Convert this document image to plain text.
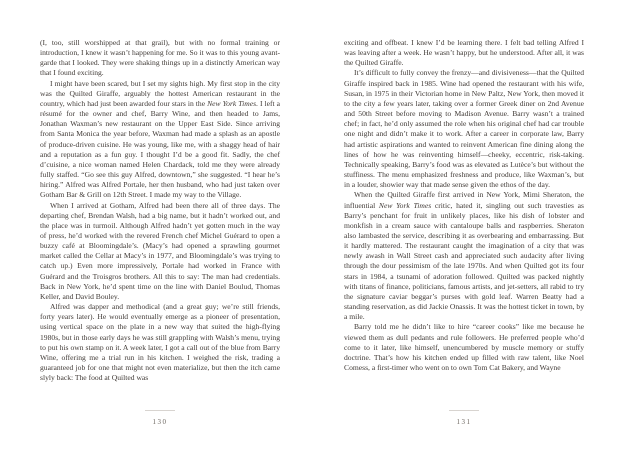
(I, too, still worshipped at that grail), but with no formal training or introduction, I knew it wasn’t happening for me. So it was to this young avant-garde that I looked. They were shaking things up in a distinctly American way that I found exciting.

I might have been scared, but I set my sights high. My first stop in the city was the Quilted Giraffe, arguably the hottest American restaurant in the country, which had just been awarded four stars in the New York Times. I left a résumé for the owner and chef, Barry Wine, and then headed to Jams, Jonathan Waxman’s new restaurant on the Upper East Side. Since arriving from Santa Monica the year before, Waxman had made a splash as an apostle of produce-driven cuisine. He was young, like me, with a shaggy head of hair and a reputation as a fun guy. I thought I’d be a good fit. Sadly, the chef d’cuisine, a nice woman named Helen Chardack, told me they were already fully staffed. “Go see this guy Alfred, downtown,” she suggested. “I hear he’s hiring.” Alfred was Alfred Portale, her then husband, who had just taken over Gotham Bar & Grill on 12th Street. I made my way to the Village.

When I arrived at Gotham, Alfred had been there all of three days. The departing chef, Brendan Walsh, had a big name, but it hadn’t worked out, and the place was in turmoil. Although Alfred hadn’t yet gotten much in the way of press, he’d worked with the revered French chef Michel Guérard to open a buzzy café at Bloomingdale’s. (Macy’s had opened a sprawling gourmet market called the Cellar at Macy’s in 1977, and Bloomingdale’s was trying to catch up.) Even more impressively, Portale had worked in France with Guérard and the Troisgros brothers. All this to say: The man had credentials. Back in New York, he’d spent time on the line with Daniel Boulud, Thomas Keller, and David Bouley.

Alfred was dapper and methodical (and a great guy; we’re still friends, forty years later). He would eventually emerge as a pioneer of presentation, using vertical space on the plate in a new way that suited the high-flying 1980s, but in those early days he was still grappling with Walsh’s menu, trying to put his own stamp on it. A week later, I got a call out of the blue from Barry Wine, offering me a trial run in his kitchen. I weighed the risk, trading a guaranteed job for one that might not even materialize, but then the itch came slyly back: The food at Quilted was

130

exciting and offbeat. I knew I’d be learning there. I felt bad telling Alfred I was leaving after a week. He wasn’t happy, but he understood. After all, it was the Quilted Giraffe.

It’s difficult to fully convey the frenzy—and divisiveness—that the Quilted Giraffe inspired back in 1985. Wine had opened the restaurant with his wife, Susan, in 1975 in their Victorian home in New Paltz, New York, then moved it to the city a few years later, taking over a former Greek diner on 2nd Avenue and 50th Street before moving to Madison Avenue. Barry wasn’t a trained chef; in fact, he’d only assumed the role when his original chef had car trouble one night and didn’t make it to work. After a career in corporate law, Barry had artistic aspirations and wanted to reinvent American fine dining along the lines of how he was reinventing himself—cheeky, eccentric, risk-taking. Technically speaking, Barry’s food was as elevated as Lutèce’s but without the stuffiness. The menu emphasized freshness and produce, like Waxman’s, but in a louder, showier way that made sense given the ethos of the day.

When the Quilted Giraffe first arrived in New York, Mimi Sheraton, the influential New York Times critic, hated it, singling out such travesties as Barry’s penchant for fruit in unlikely places, like his dish of lobster and monkfish in a cream sauce with cantaloupe balls and raspberries. Sheraton also lambasted the service, describing it as overbearing and embarrassing. But it hardly mattered. The restaurant caught the imagination of a city that was newly awash in Wall Street cash and appreciated such audacity after living through the dour pessimism of the late 1970s. And when Quilted got its four stars in 1984, a tsunami of adoration followed. Quilted was packed nightly with titans of finance, politicians, famous artists, and jet-setters, all rabid to try the signature caviar beggar’s purses with gold leaf. Warren Beatty had a standing reservation, as did Jackie Onassis. It was the hottest ticket in town, by a mile.

Barry told me he didn’t like to hire “career cooks” like me because he viewed them as dull pedants and rule followers. He preferred people who’d come to it later, like himself, unencumbered by muscle memory or stuffy doctrine. That’s how his kitchen ended up filled with raw talent, like Noel Comess, a first-timer who went on to own Tom Cat Bakery, and Wayne

131
